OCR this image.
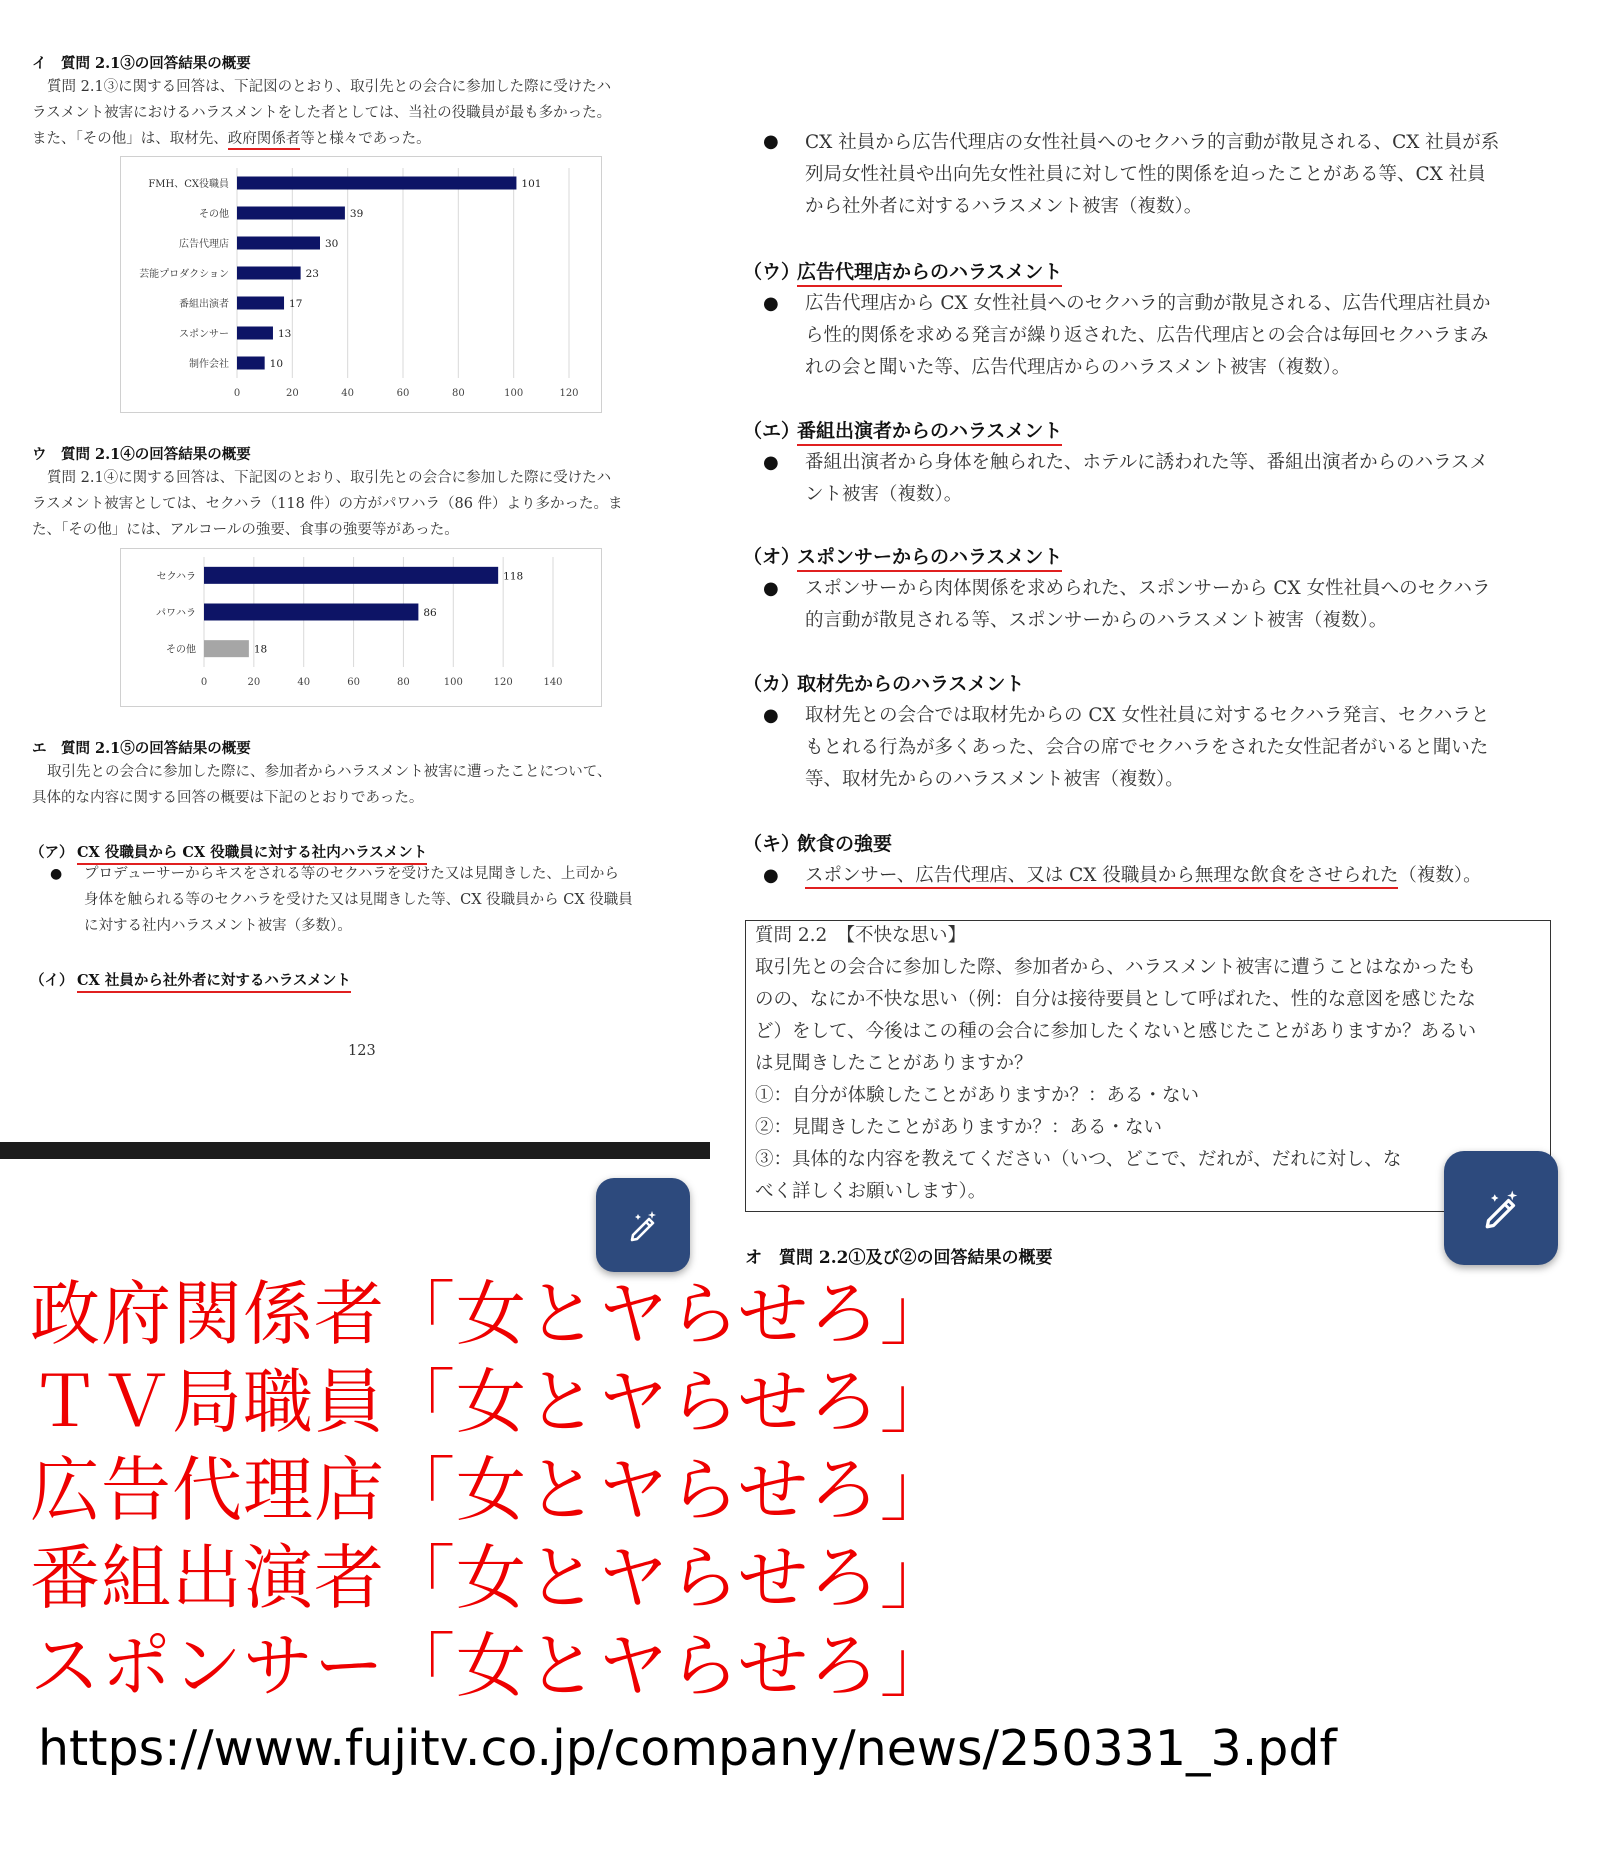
イ　質問 2.1③の回答結果の概要
質問 2.1③に関する回答は、下記図のとおり、取引先との会合に参加した際に受けたハ
ラスメント被害におけるハラスメントをした者としては、当社の役職員が最も多かった。
また、「その他」は、取材先、政府関係者等と様々であった。
0	20	40	60	80	100	120
FMH、CX役職員	101
その他	39
広告代理店	30
芸能プロダクション	23
番組出演者	17
スポンサー	13
制作会社	10
ウ　質問 2.1④の回答結果の概要
質問 2.1④に関する回答は、下記図のとおり、取引先との会合に参加した際に受けたハ
ラスメント被害としては、セクハラ（118 件）の方がパワハラ（86 件）より多かった。ま
た、「その他」には、アルコールの強要、食事の強要等があった。
0	20	40	60	80	100	120	140
セクハラ	118
パワハラ	86
その他	18
エ　質問 2.1⑤の回答結果の概要
取引先との会合に参加した際に、参加者からハラスメント被害に遭ったことについて、
具体的な内容に関する回答の概要は下記のとおりであった。
（ア） CX 役職員から CX 役職員に対する社内ハラスメント
● プロデューサーからキスをされる等のセクハラを受けた又は見聞きした、上司から
身体を触られる等のセクハラを受けた又は見聞きした等、CX 役職員から CX 役職員
に対する社内ハラスメント被害（多数）。
（イ） CX 社員から社外者に対するハラスメント
123
● CX 社員から広告代理店の女性社員へのセクハラ的言動が散見される、CX 社員が系
列局女性社員や出向先女性社員に対して性的関係を迫ったことがある等、CX 社員
から社外者に対するハラスメント被害（複数）。
（ウ）
広告代理店からのハラスメント
● 広告代理店から CX 女性社員へのセクハラ的言動が散見される、広告代理店社員か
ら性的関係を求める発言が繰り返された、広告代理店との会合は毎回セクハラまみ
れの会と聞いた等、広告代理店からのハラスメント被害（複数）。
（エ）
番組出演者からのハラスメント
● 番組出演者から身体を触られた、ホテルに誘われた等、番組出演者からのハラスメ
ント被害（複数）。
（オ）
スポンサーからのハラスメント
● スポンサーから肉体関係を求められた、スポンサーから CX 女性社員へのセクハラ
的言動が散見される等、スポンサーからのハラスメント被害（複数）。
（カ）
取材先からのハラスメント
● 取材先との会合では取材先からの CX 女性社員に対するセクハラ発言、セクハラと
もとれる行為が多くあった、会合の席でセクハラをされた女性記者がいると聞いた
等、取材先からのハラスメント被害（複数）。
（キ）
飲食の強要
● スポンサー、広告代理店、又は CX 役職員から無理な飲食をさせられた（複数）。
質問 2.2　【不快な思い】
取引先との会合に参加した際、参加者から、ハラスメント被害に遭うことはなかったも
のの、なにか不快な思い（例：自分は接待要員として呼ばれた、性的な意図を感じたな
ど）をして、今後はこの種の会合に参加したくないと感じたことがありますか？あるい
は見聞きしたことがありますか？
①：自分が体験したことがありますか？：ある・ない
②：見聞きしたことがありますか？：ある・ない
③：具体的な内容を教えてください（いつ、どこで、だれが、だれに対し、な
べく詳しくお願いします）。
オ　質問 2.2①及び②の回答結果の概要
政府関係者「女とヤらせろ」
ＴＶ局職員「女とヤらせろ」
広告代理店「女とヤらせろ」
番組出演者「女とヤらせろ」
スポンサー「女とヤらせろ」
https://www.fujitv.co.jp/company/news/250331_3.pdf
